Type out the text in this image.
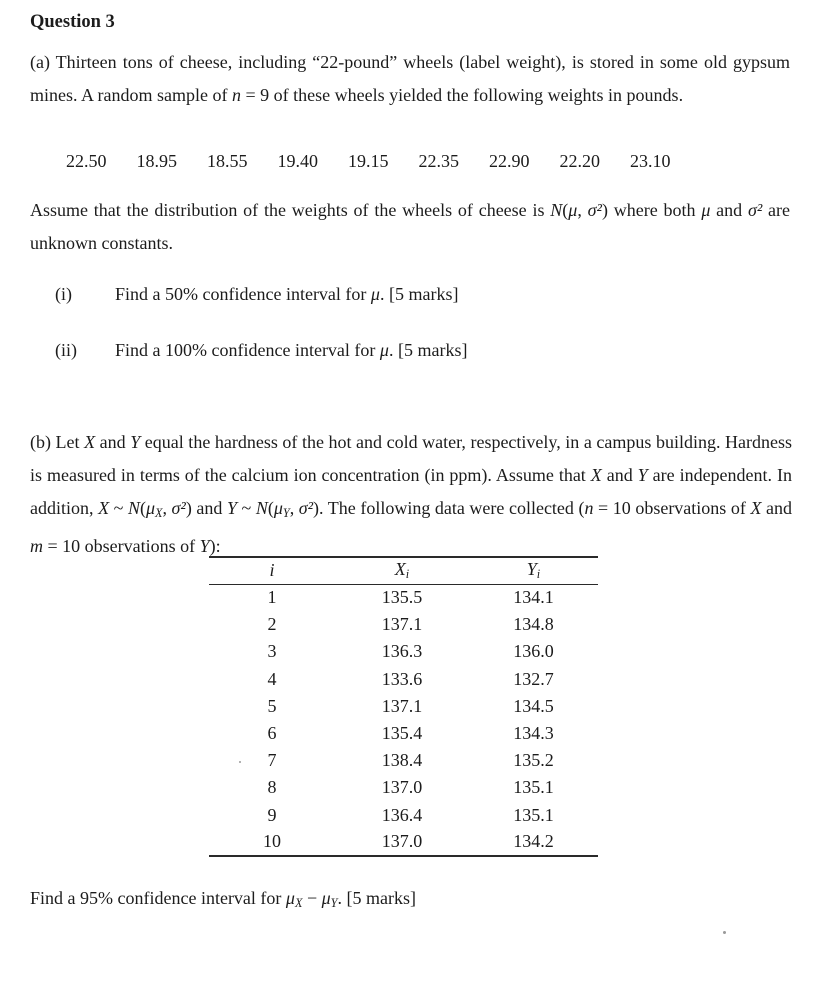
Question 3
(a) Thirteen tons of cheese, including “22-pound” wheels (label weight), is stored in some old gypsum mines. A random sample of n = 9 of these wheels yielded the following weights in pounds.
22.50 18.95 18.55 19.40 19.15 22.35 22.90 22.20 23.10
Assume that the distribution of the weights of the wheels of cheese is N(μ, σ²) where both μ and σ² are unknown constants.
(i)	Find a 50% confidence interval for μ. [5 marks]
(ii)	Find a 100% confidence interval for μ. [5 marks]
(b) Let X and Y equal the hardness of the hot and cold water, respectively, in a campus building. Hardness is measured in terms of the calcium ion concentration (in ppm). Assume that X and Y are independent. In addition, X ~ N(μX, σ²) and Y ~ N(μY, σ²). The following data were collected (n = 10 observations of X and m = 10 observations of Y):
i	Xi	Yi
1	135.5	134.1
2	137.1	134.8
3	136.3	136.0
4	133.6	132.7
5	137.1	134.5
6	135.4	134.3
7	138.4	135.2
8	137.0	135.1
9	136.4	135.1
10	137.0	134.2
Find a 95% confidence interval for μX − μY. [5 marks]
